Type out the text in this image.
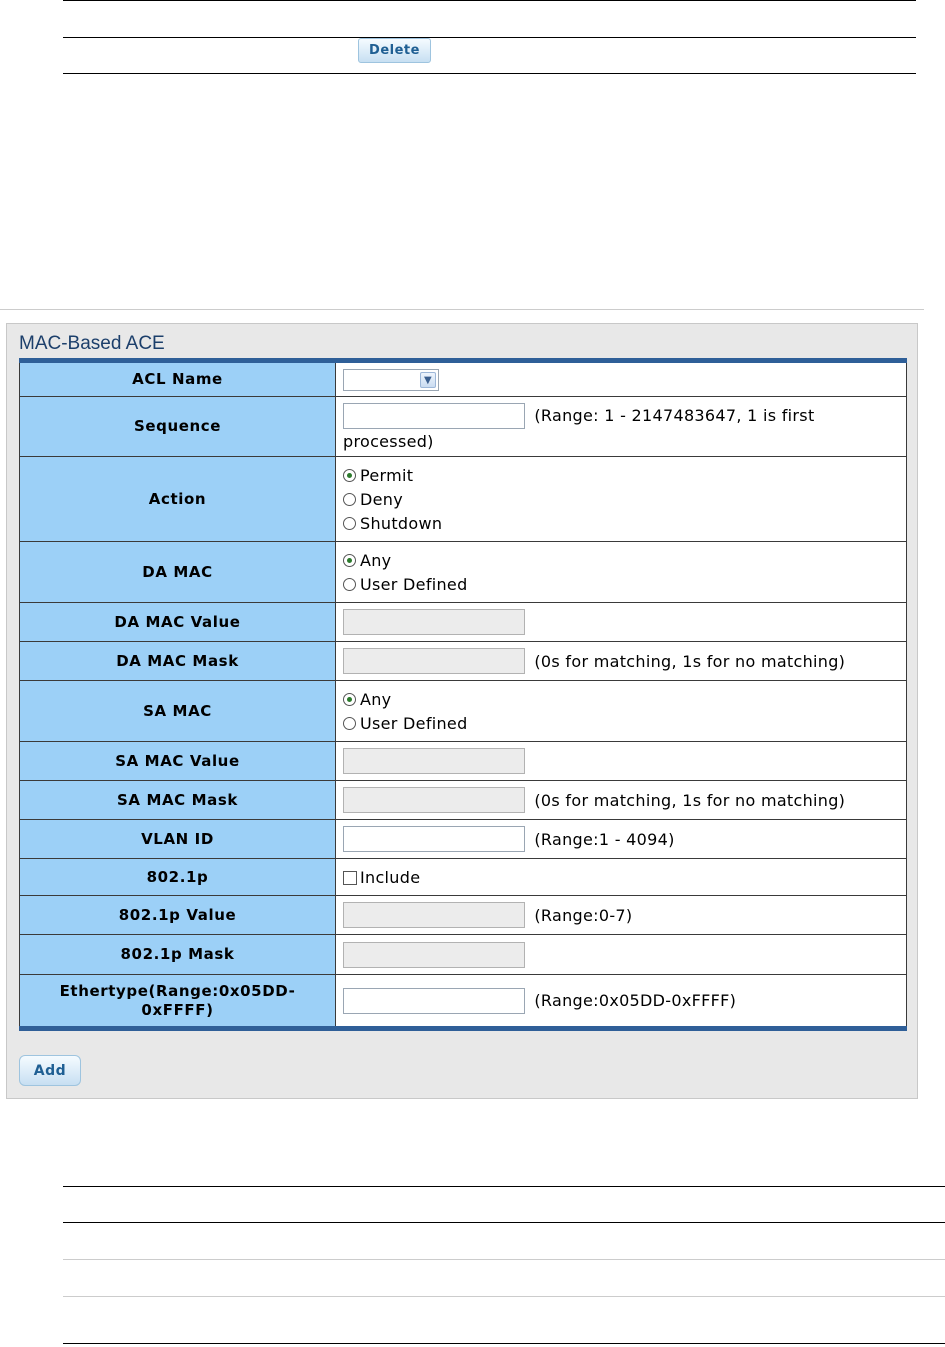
Delete
MAC-Based ACE
ACL Name	▼

Sequence	(Range: 1 - 2147483647, 1 is first processed)
Action	Permit
Deny
Shutdown

DA MAC	Any
User Defined

DA MAC Value	
DA MAC Mask	(0s for matching, 1s for no matching)
SA MAC	Any
User Defined

SA MAC Value	
SA MAC Mask	(0s for matching, 1s for no matching)
VLAN ID	(Range:1 - 4094)
802.1p	Include
802.1p Value	(Range:0-7)
802.1p Mask	
Ethertype(Range:0x05DD-0xFFFF)	(Range:0x05DD-0xFFFF)
Add
